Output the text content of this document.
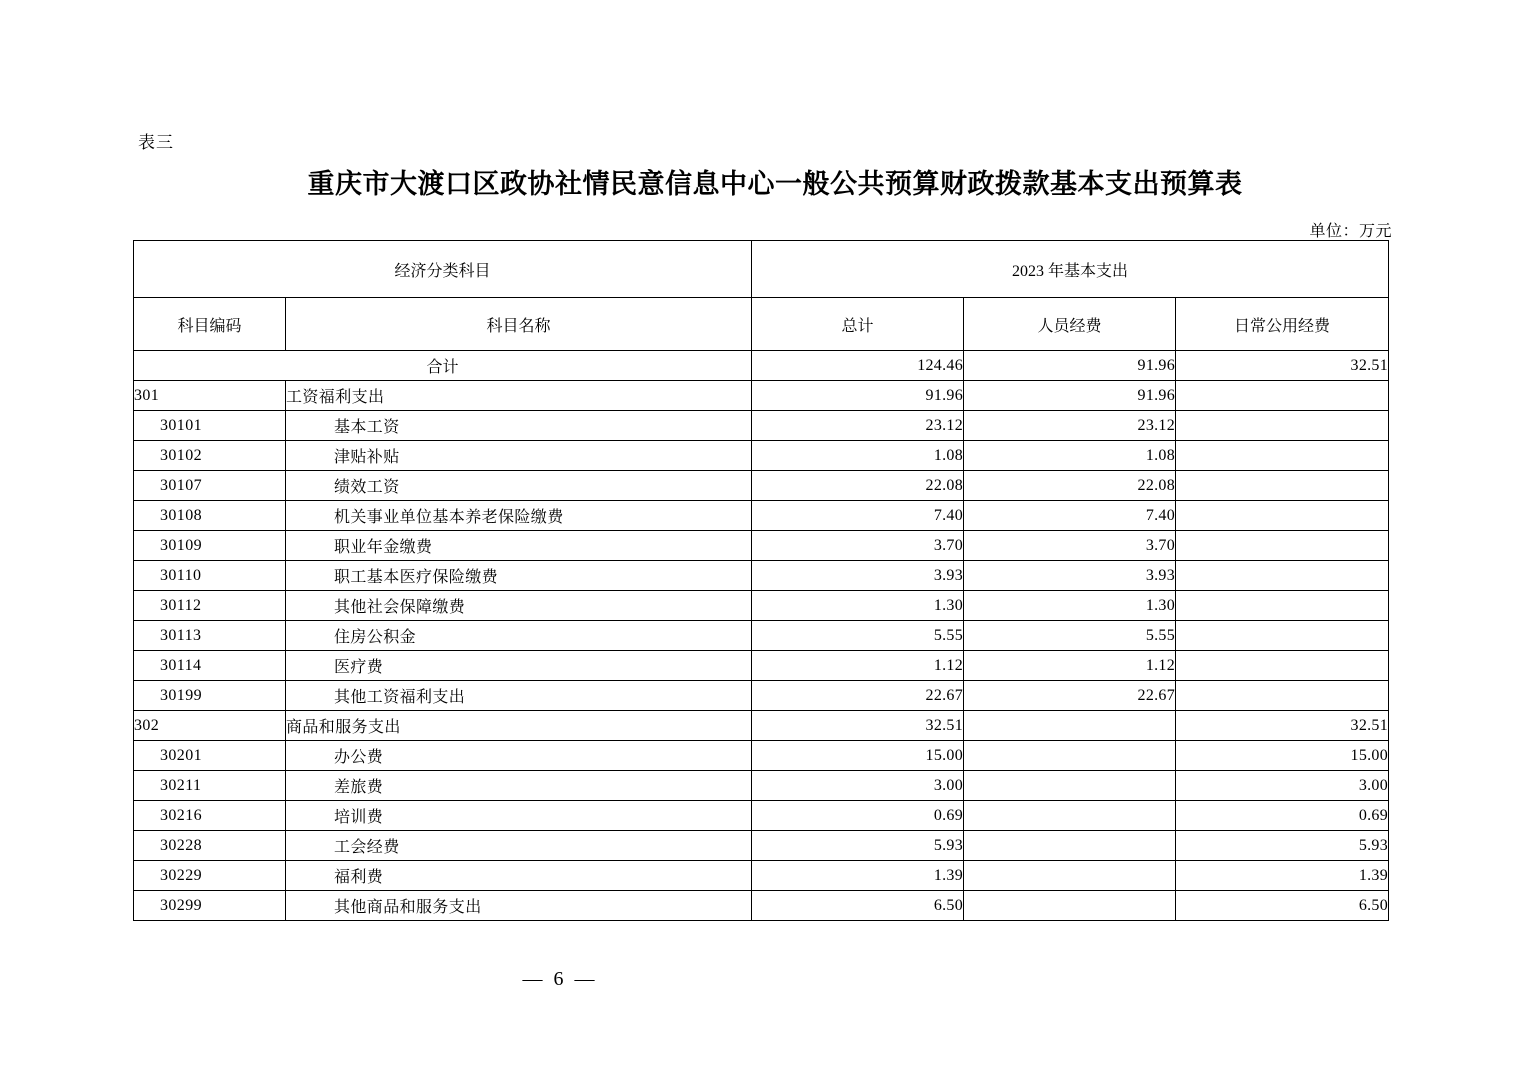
表三
重庆市大渡口区政协社情民意信息中心一般公共预算财政拨款基本支出预算表
单位：万元
经济分类科目		2023 年基本支出		
科目编码	科目名称	总计	人员经费	日常公用经费
合计		124.46	91.96	32.51
301	工资福利支出	91.96	91.96	
30101	基本工资	23.12	23.12	
30102	津贴补贴	1.08	1.08	
30107	绩效工资	22.08	22.08	
30108	机关事业单位基本养老保险缴费	7.40	7.40	
30109	职业年金缴费	3.70	3.70	
30110	职工基本医疗保险缴费	3.93	3.93	
30112	其他社会保障缴费	1.30	1.30	
30113	住房公积金	5.55	5.55	
30114	医疗费	1.12	1.12	
30199	其他工资福利支出	22.67	22.67	
302	商品和服务支出	32.51		32.51
30201	办公费	15.00		15.00
30211	差旅费	3.00		3.00
30216	培训费	0.69		0.69
30228	工会经费	5.93		5.93
30229	福利费	1.39		1.39
30299	其他商品和服务支出	6.50		6.50
— 6 —
